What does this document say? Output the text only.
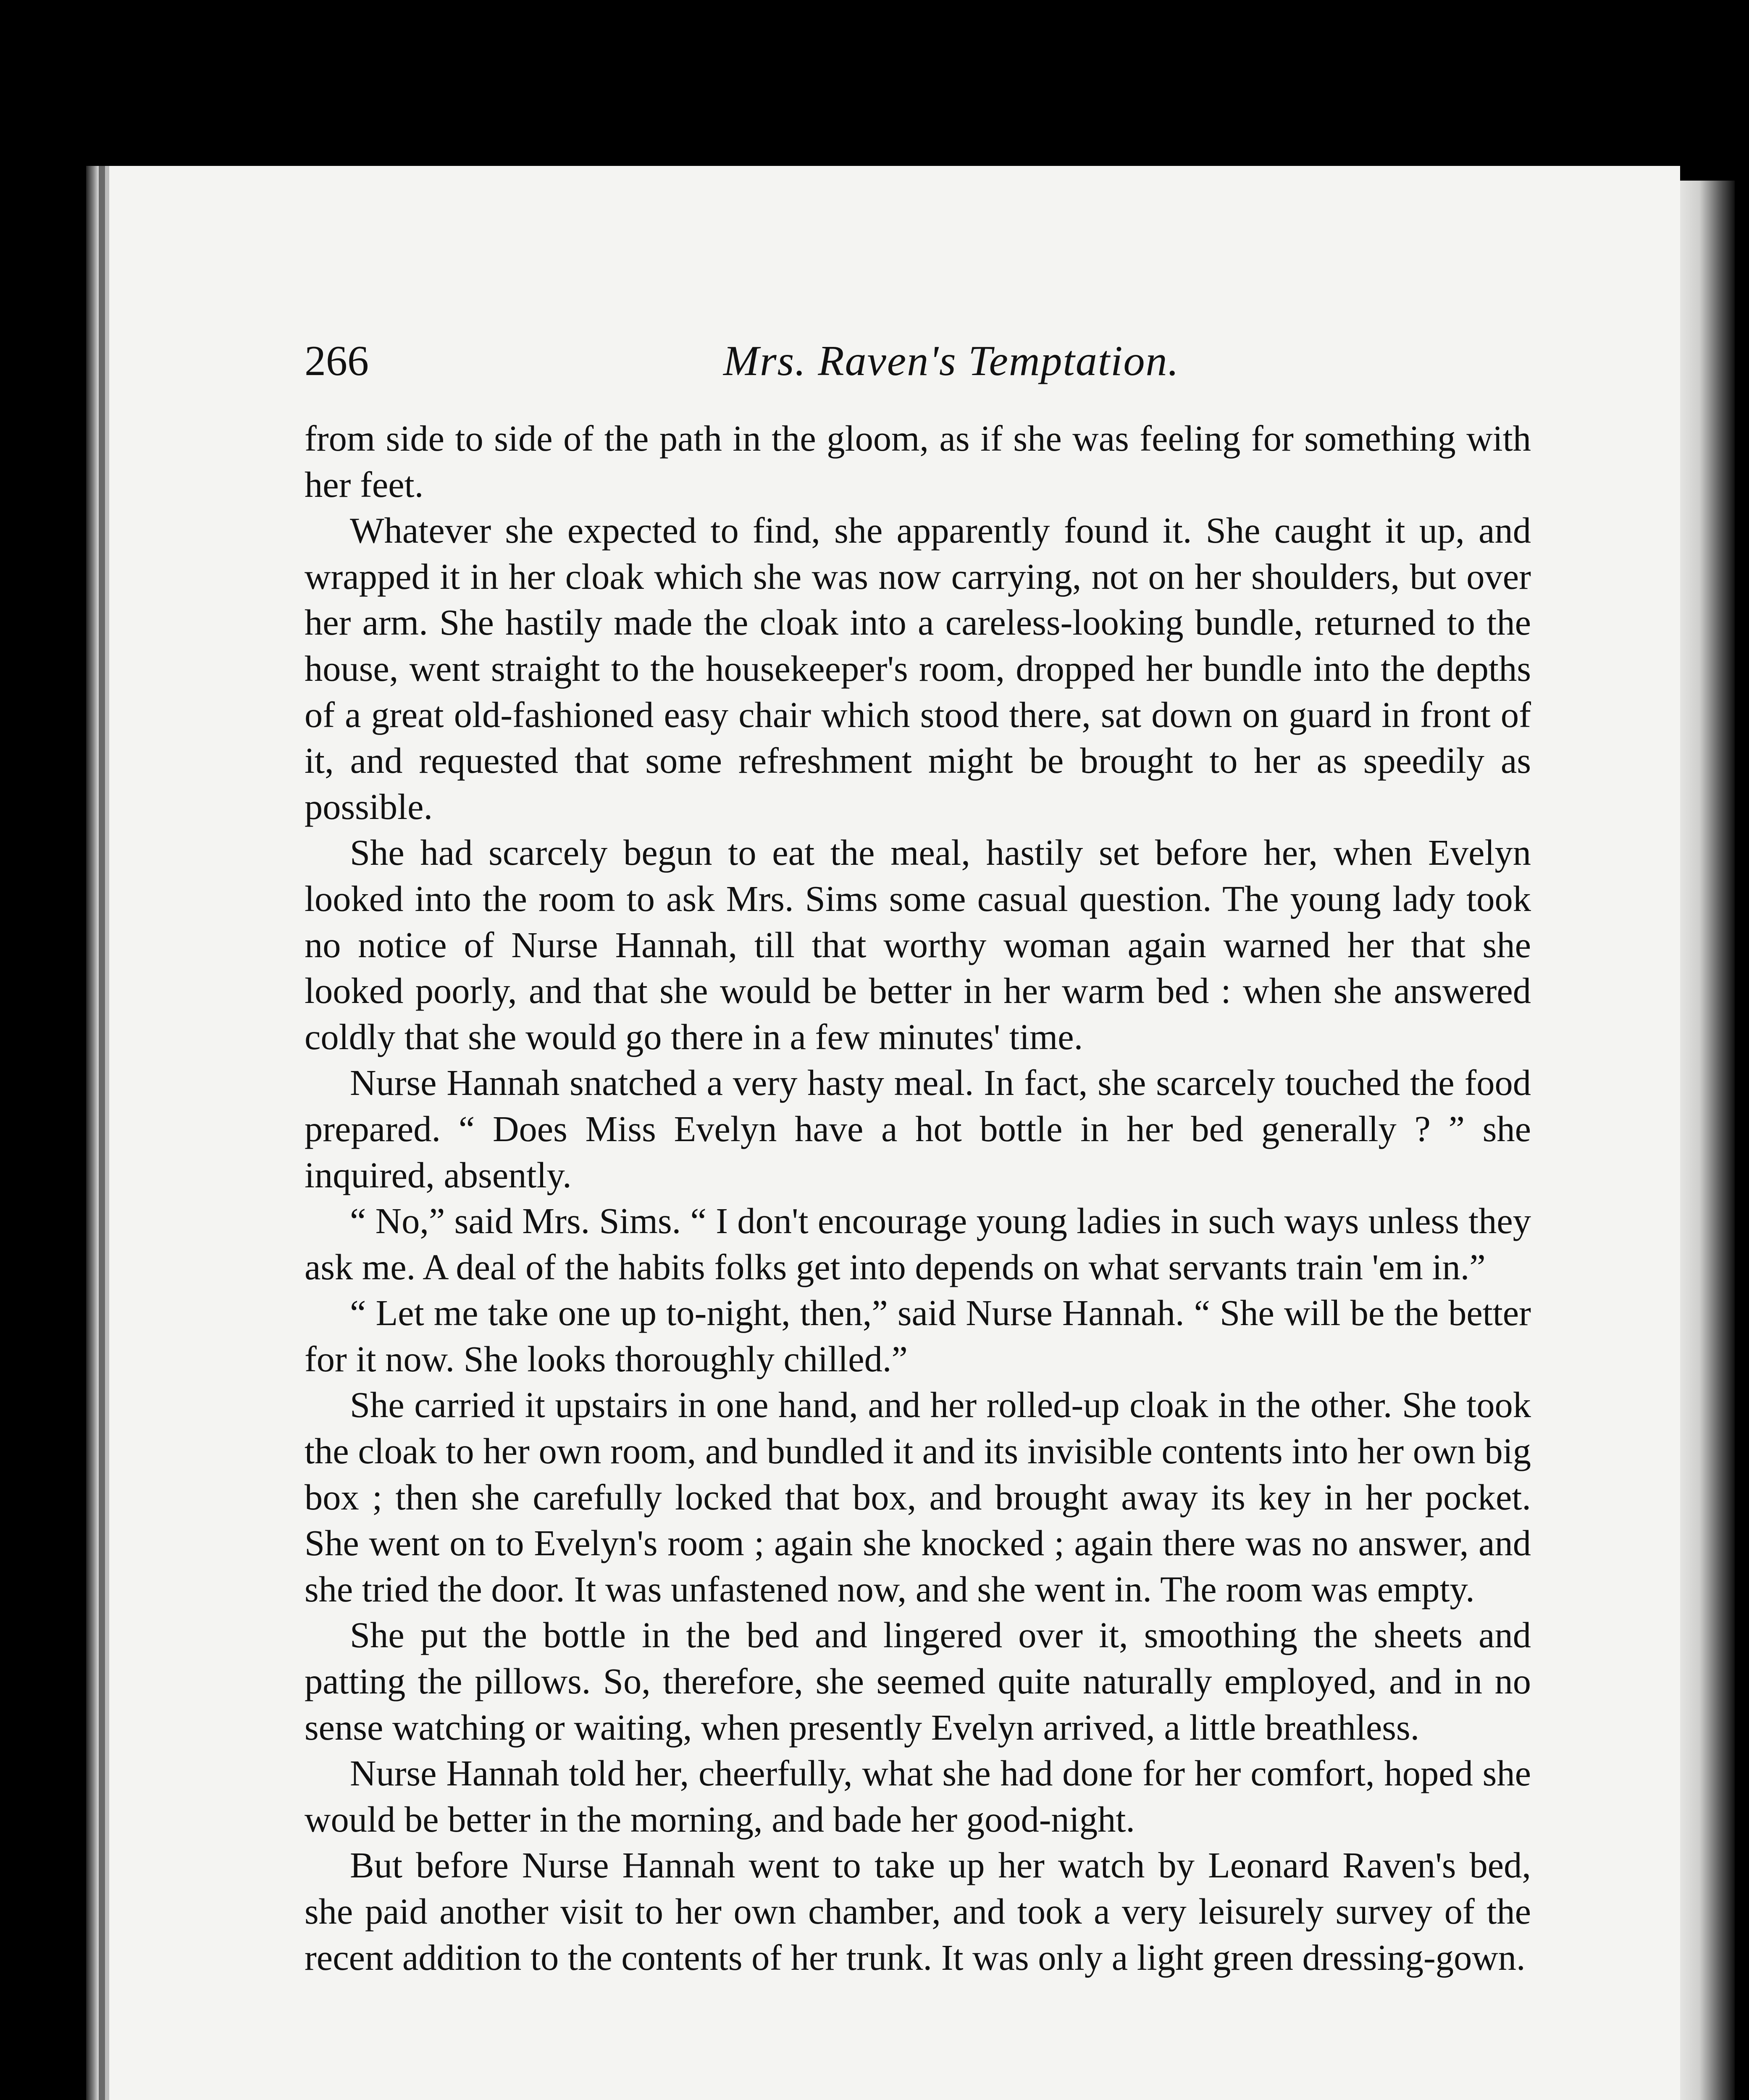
266	Mrs. Raven's Temptation.

from side to side of the path in the gloom, as if she was feeling for something with her feet.

Whatever she expected to find, she apparently found it. She caught it up, and wrapped it in her cloak which she was now carrying, not on her shoulders, but over her arm. She hastily made the cloak into a careless-looking bundle, returned to the house, went straight to the housekeeper's room, dropped her bundle into the depths of a great old-fashioned easy chair which stood there, sat down on guard in front of it, and requested that some refreshment might be brought to her as speedily as possible.

She had scarcely begun to eat the meal, hastily set before her, when Evelyn looked into the room to ask Mrs. Sims some casual question. The young lady took no notice of Nurse Hannah, till that worthy woman again warned her that she looked poorly, and that she would be better in her warm bed : when she answered coldly that she would go there in a few minutes' time.

Nurse Hannah snatched a very hasty meal. In fact, she scarcely touched the food prepared. “ Does Miss Evelyn have a hot bottle in her bed generally ? ” she inquired, absently.

“ No,” said Mrs. Sims. “ I don't encourage young ladies in such ways unless they ask me. A deal of the habits folks get into depends on what servants train 'em in.”

“ Let me take one up to-night, then,” said Nurse Hannah. “ She will be the better for it now. She looks thoroughly chilled.”

She carried it upstairs in one hand, and her rolled-up cloak in the other. She took the cloak to her own room, and bundled it and its invisible contents into her own big box ; then she carefully locked that box, and brought away its key in her pocket. She went on to Evelyn's room ; again she knocked ; again there was no answer, and she tried the door. It was unfastened now, and she went in. The room was empty.

She put the bottle in the bed and lingered over it, smoothing the sheets and patting the pillows. So, therefore, she seemed quite naturally employed, and in no sense watching or waiting, when presently Evelyn arrived, a little breathless.

Nurse Hannah told her, cheerfully, what she had done for her comfort, hoped she would be better in the morning, and bade her good-night.

But before Nurse Hannah went to take up her watch by Leonard Raven's bed, she paid another visit to her own chamber, and took a very leisurely survey of the recent addition to the contents of her trunk. It was only a light green dressing-gown.
